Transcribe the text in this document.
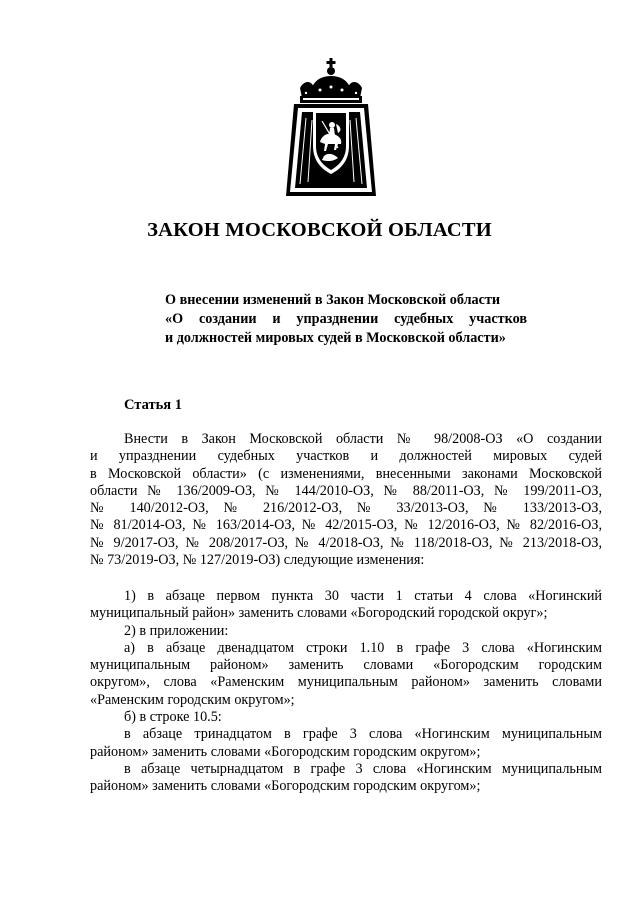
ЗАКОН МОСКОВСКОЙ ОБЛАСТИ
О внесении изменений в Закон Московской области
«О создании и упразднении судебных участков
и должностей мировых судей в Московской области»
Статья 1
Внести в Закон Московской области № 98/2008-ОЗ «О создании
и упразднении судебных участков и должностей мировых судей
в Московской области» (с изменениями, внесенными законами Московской
области № 136/2009-ОЗ, № 144/2010-ОЗ, № 88/2011-ОЗ, № 199/2011-ОЗ,
№ 140/2012-ОЗ, № 216/2012-ОЗ, № 33/2013-ОЗ, № 133/2013-ОЗ,
№ 81/2014-ОЗ, № 163/2014-ОЗ, № 42/2015-ОЗ, № 12/2016-ОЗ, № 82/2016-ОЗ,
№ 9/2017-ОЗ, № 208/2017-ОЗ, № 4/2018-ОЗ, № 118/2018-ОЗ, № 213/2018-ОЗ,
№ 73/2019-ОЗ, № 127/2019-ОЗ) следующие изменения:
1) в абзаце первом пункта 30 части 1 статьи 4 слова «Ногинский
муниципальный район» заменить словами «Богородский городской округ»;
2) в приложении:
а) в абзаце двенадцатом строки 1.10 в графе 3 слова «Ногинским
муниципальным районом» заменить словами «Богородским городским
округом», слова «Раменским муниципальным районом» заменить словами
«Раменским городским округом»;
б) в строке 10.5:
в абзаце тринадцатом в графе 3 слова «Ногинским муниципальным
районом» заменить словами «Богородским городским округом»;
в абзаце четырнадцатом в графе 3 слова «Ногинским муниципальным
районом» заменить словами «Богородским городским округом»;
